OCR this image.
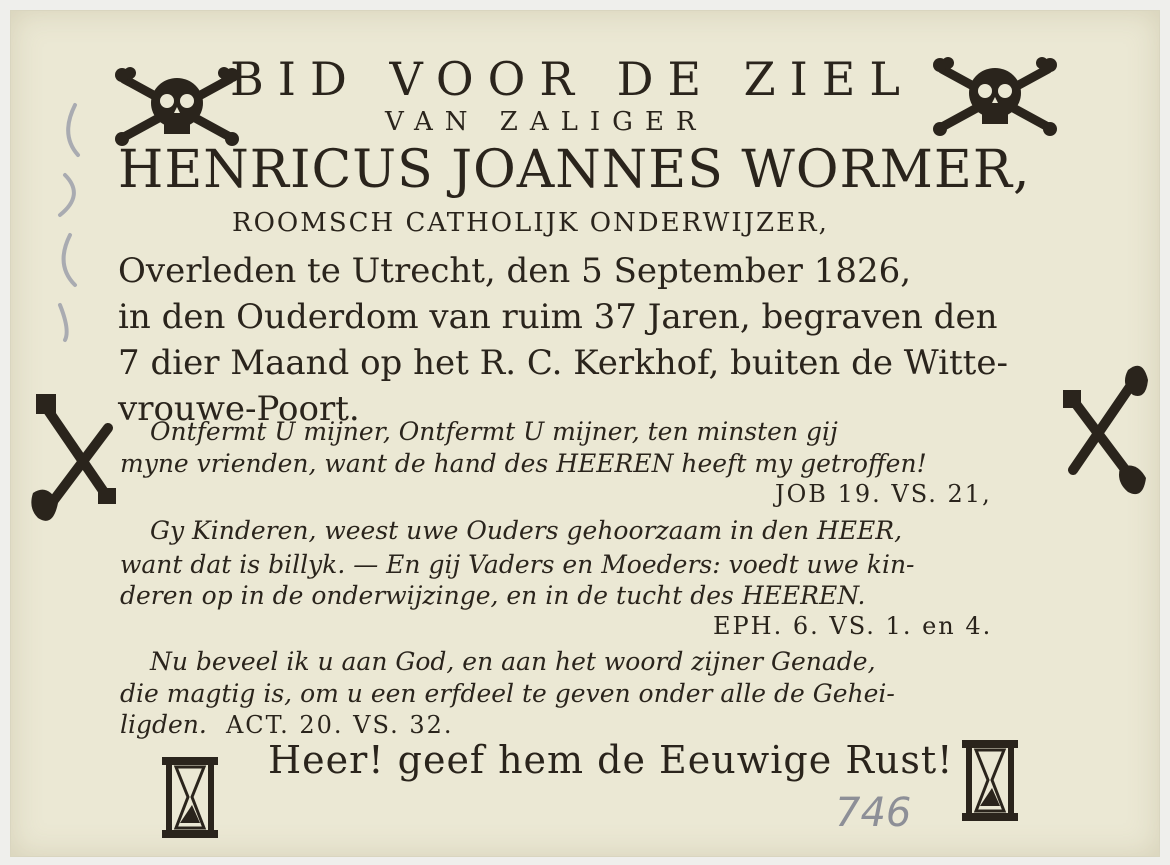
BID VOOR DE ZIEL
VAN ZALIGER
HENRICUS JOANNES WORMER,
ROOMSCH CATHOLIJK ONDERWIJZER,
Overleden te Utrecht, den 5 September 1826,
in den Ouderdom van ruim 37 Jaren, begraven den
7 dier Maand op het R. C. Kerkhof, buiten de Witte-
vrouwe-Poort.
Ontfermt U mijner, Ontfermt U mijner, ten minsten gij
myne vrienden, want de hand des HEEREN heeft my getroffen!
JOB 19. VS. 21,
Gy Kinderen, weest uwe Ouders gehoorzaam in den HEER,
want dat is billyk. — En gij Vaders en Moeders: voedt uwe kin-
deren op in de onderwijzinge, en in de tucht des HEEREN.
EPH. 6. VS. 1. en 4.
Nu beveel ik u aan God, en aan het woord zijner Genade,
die magtig is, om u een erfdeel te geven onder alle de Gehei-
ligden. ACT. 20. VS. 32.
Heer! geef hem de Eeuwige Rust!
746
